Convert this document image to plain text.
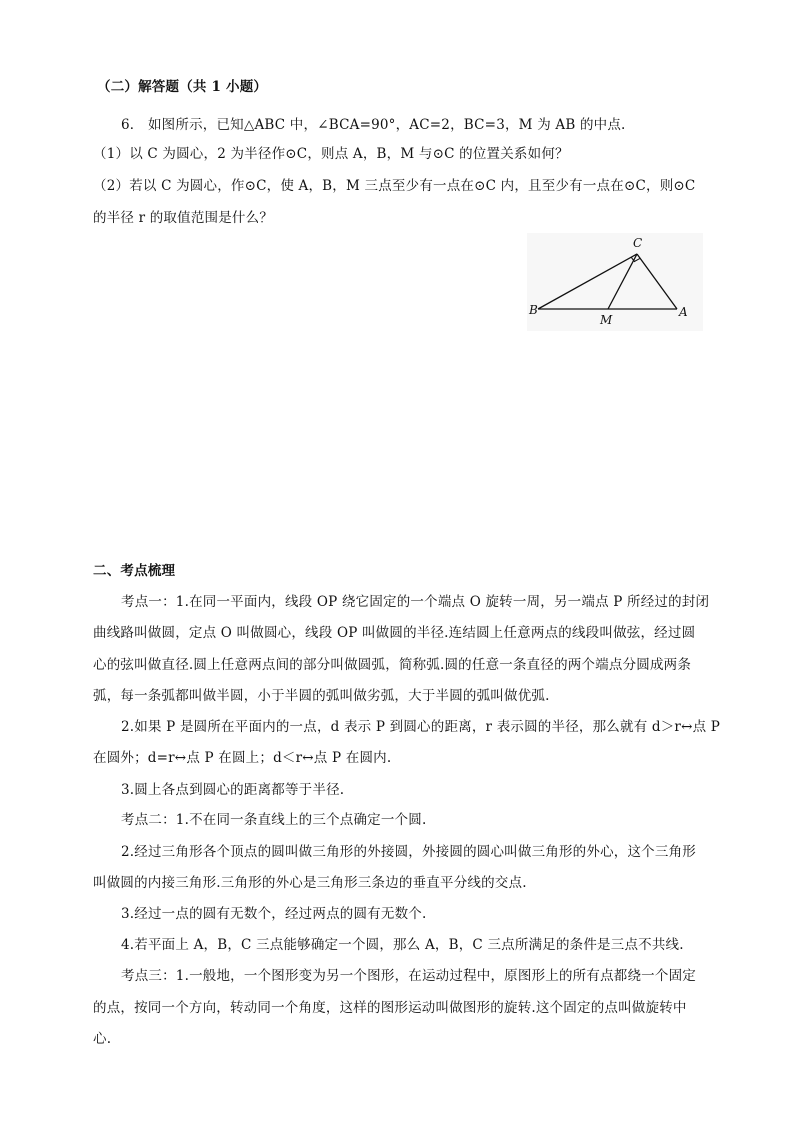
（二）解答题（共 1 小题）
6． 如图所示，已知△ABC 中，∠BCA=90°，AC=2，BC=3，M 为 AB 的中点.
（1）以 C 为圆心，2 为半径作⊙C，则点 A，B，M 与⊙C 的位置关系如何？
（2）若以 C 为圆心，作⊙C，使 A，B，M 三点至少有一点在⊙C 内，且至少有一点在⊙C，则⊙C
的半径 r 的取值范围是什么？
C
B
M
A
二、考点梳理
考点一：1.在同一平面内，线段 OP 绕它固定的一个端点 O 旋转一周，另一端点 P 所经过的封闭
曲线路叫做圆，定点 O 叫做圆心，线段 OP 叫做圆的半径.连结圆上任意两点的线段叫做弦，经过圆
心的弦叫做直径.圆上任意两点间的部分叫做圆弧，简称弧.圆的任意一条直径的两个端点分圆成两条
弧，每一条弧都叫做半圆，小于半圆的弧叫做劣弧，大于半圆的弧叫做优弧.
2.如果 P 是圆所在平面内的一点，d 表示 P 到圆心的距离，r 表示圆的半径，那么就有 d＞r↔点 P
在圆外；d=r↔点 P 在圆上；d＜r↔点 P 在圆内.
3.圆上各点到圆心的距离都等于半径.
考点二：1.不在同一条直线上的三个点确定一个圆.
2.经过三角形各个顶点的圆叫做三角形的外接圆，外接圆的圆心叫做三角形的外心，这个三角形
叫做圆的内接三角形.三角形的外心是三角形三条边的垂直平分线的交点.
3.经过一点的圆有无数个，经过两点的圆有无数个.
4.若平面上 A，B，C 三点能够确定一个圆，那么 A，B，C 三点所满足的条件是三点不共线.
考点三：1.一般地，一个图形变为另一个图形，在运动过程中，原图形上的所有点都绕一个固定
的点，按同一个方向，转动同一个角度，这样的图形运动叫做图形的旋转.这个固定的点叫做旋转中
心.
